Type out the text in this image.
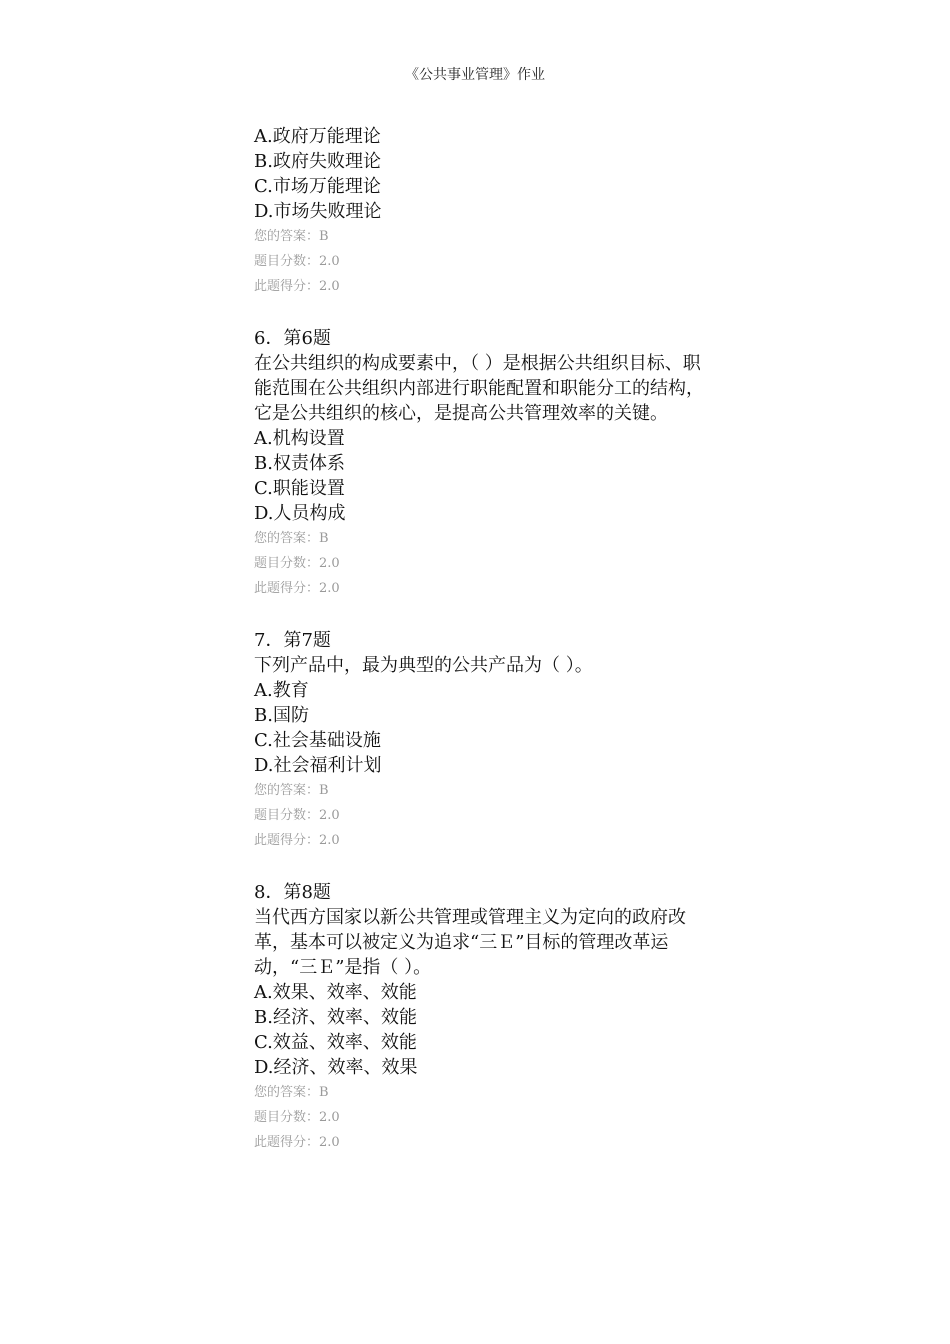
《公共事业管理》作业
A.政府万能理论
B.政府失败理论
C.市场万能理论
D.市场失败理论
您的答案：B
题目分数：2.0
此题得分：2.0
6．第6题
在公共组织的构成要素中，（ ）是根据公共组织目标、职能范围在公共组织内部进行职能配置和职能分工的结构，它是公共组织的核心，是提高公共管理效率的关键。
A.机构设置
B.权责体系
C.职能设置
D.人员构成
您的答案：B
题目分数：2.0
此题得分：2.0
7．第7题
下列产品中，最为典型的公共产品为（ ）。
A.教育
B.国防
C.社会基础设施
D.社会福利计划
您的答案：B
题目分数：2.0
此题得分：2.0
8．第8题
当代西方国家以新公共管理或管理主义为定向的政府改革，基本可以被定义为追求“三Ｅ”目标的管理改革运动，“三Ｅ”是指（ ）。
A.效果、效率、效能
B.经济、效率、效能
C.效益、效率、效能
D.经济、效率、效果
您的答案：B
题目分数：2.0
此题得分：2.0
